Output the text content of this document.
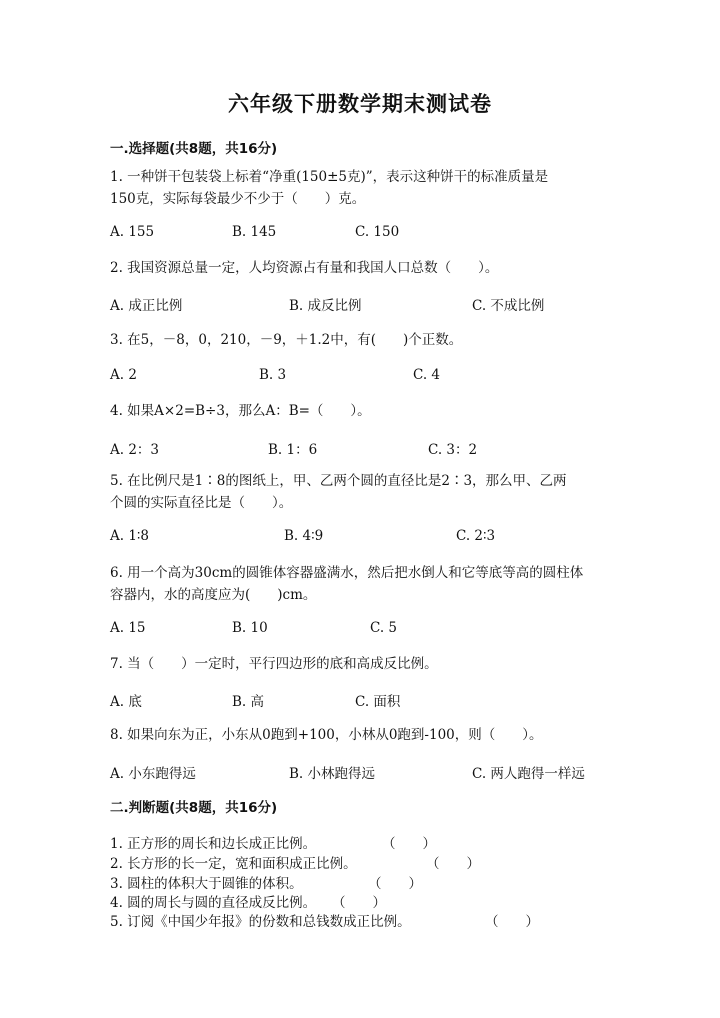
六年级下册数学期末测试卷
一.选择题(共8题，共16分)
1. 一种饼干包装袋上标着“净重(150±5克)”，表示这种饼干的标准质量是
150克，实际每袋最少不少于（　　）克。
A. 155	B. 145	C. 150
2. 我国资源总量一定，人均资源占有量和我国人口总数（　　）。
A. 成正比例	B. 成反比例	C. 不成比例
3. 在5，－8，0，210，－9，＋1.2中，有(　　)个正数。
A. 2	B. 3	C. 4
4. 如果A×2=B÷3，那么A：B=（　　）。
A. 2：3	B. 1：6	C. 3：2
5. 在比例尺是1∶8的图纸上，甲、乙两个圆的直径比是2∶3，那么甲、乙两
个圆的实际直径比是（　　）。
A. 1∶8	B. 4∶9	C. 2∶3
6. 用一个高为30cm的圆锥体容器盛满水，然后把水倒人和它等底等高的圆柱体
容器内，水的高度应为(　　)cm。
A. 15	B. 10	C. 5
7. 当（　　）一定时，平行四边形的底和高成反比例。
A. 底	B. 高	C. 面积
8. 如果向东为正，小东从0跑到+100，小林从0跑到-100，则（　　）。
A. 小东跑得远	B. 小林跑得远	C. 两人跑得一样远
二.判断题(共8题，共16分)
1. 正方形的周长和边长成正比例。	（　　）
2. 长方形的长一定，宽和面积成正比例。	（　　）
3. 圆柱的体积大于圆锥的体积。	（　　）
4. 圆的周长与圆的直径成反比例。 （　　）
5. 订阅《中国少年报》的份数和总钱数成正比例。	（　　）
